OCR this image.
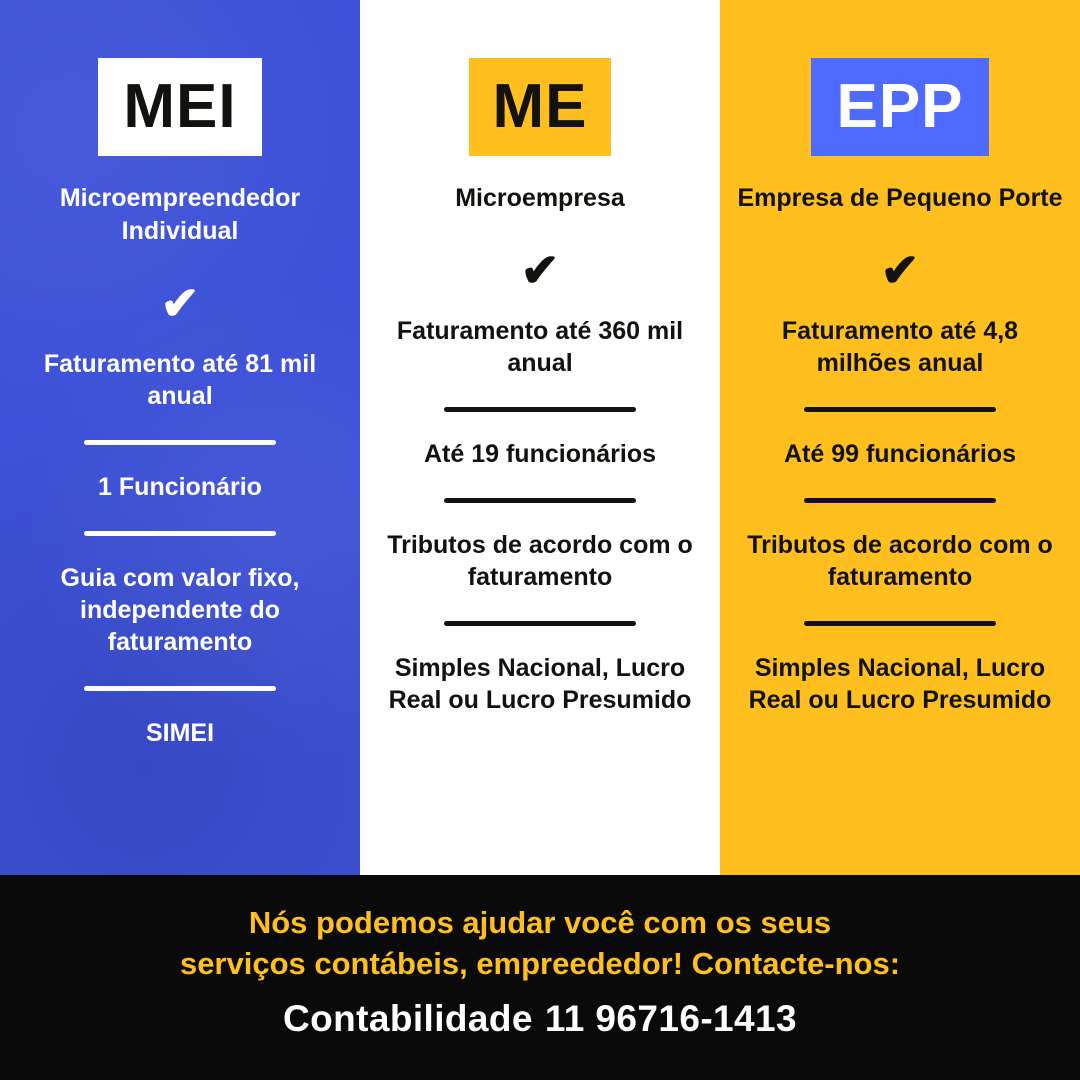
MEI
Microempreendedor Individual
✔
Faturamento até 81 mil anual
1 Funcionário
Guia com valor fixo, independente do faturamento
SIMEI
ME
Microempresa
✔
Faturamento até 360 mil anual
Até 19 funcionários
Tributos de acordo com o faturamento
Simples Nacional, Lucro Real ou Lucro Presumido
EPP
Empresa de Pequeno Porte
✔
Faturamento até 4,8 milhões anual
Até 99 funcionários
Tributos de acordo com o faturamento
Simples Nacional, Lucro Real ou Lucro Presumido
Nós podemos ajudar você com os seus
serviços contábeis, empreededor! Contacte-nos:
Contabilidade 11 96716-1413
